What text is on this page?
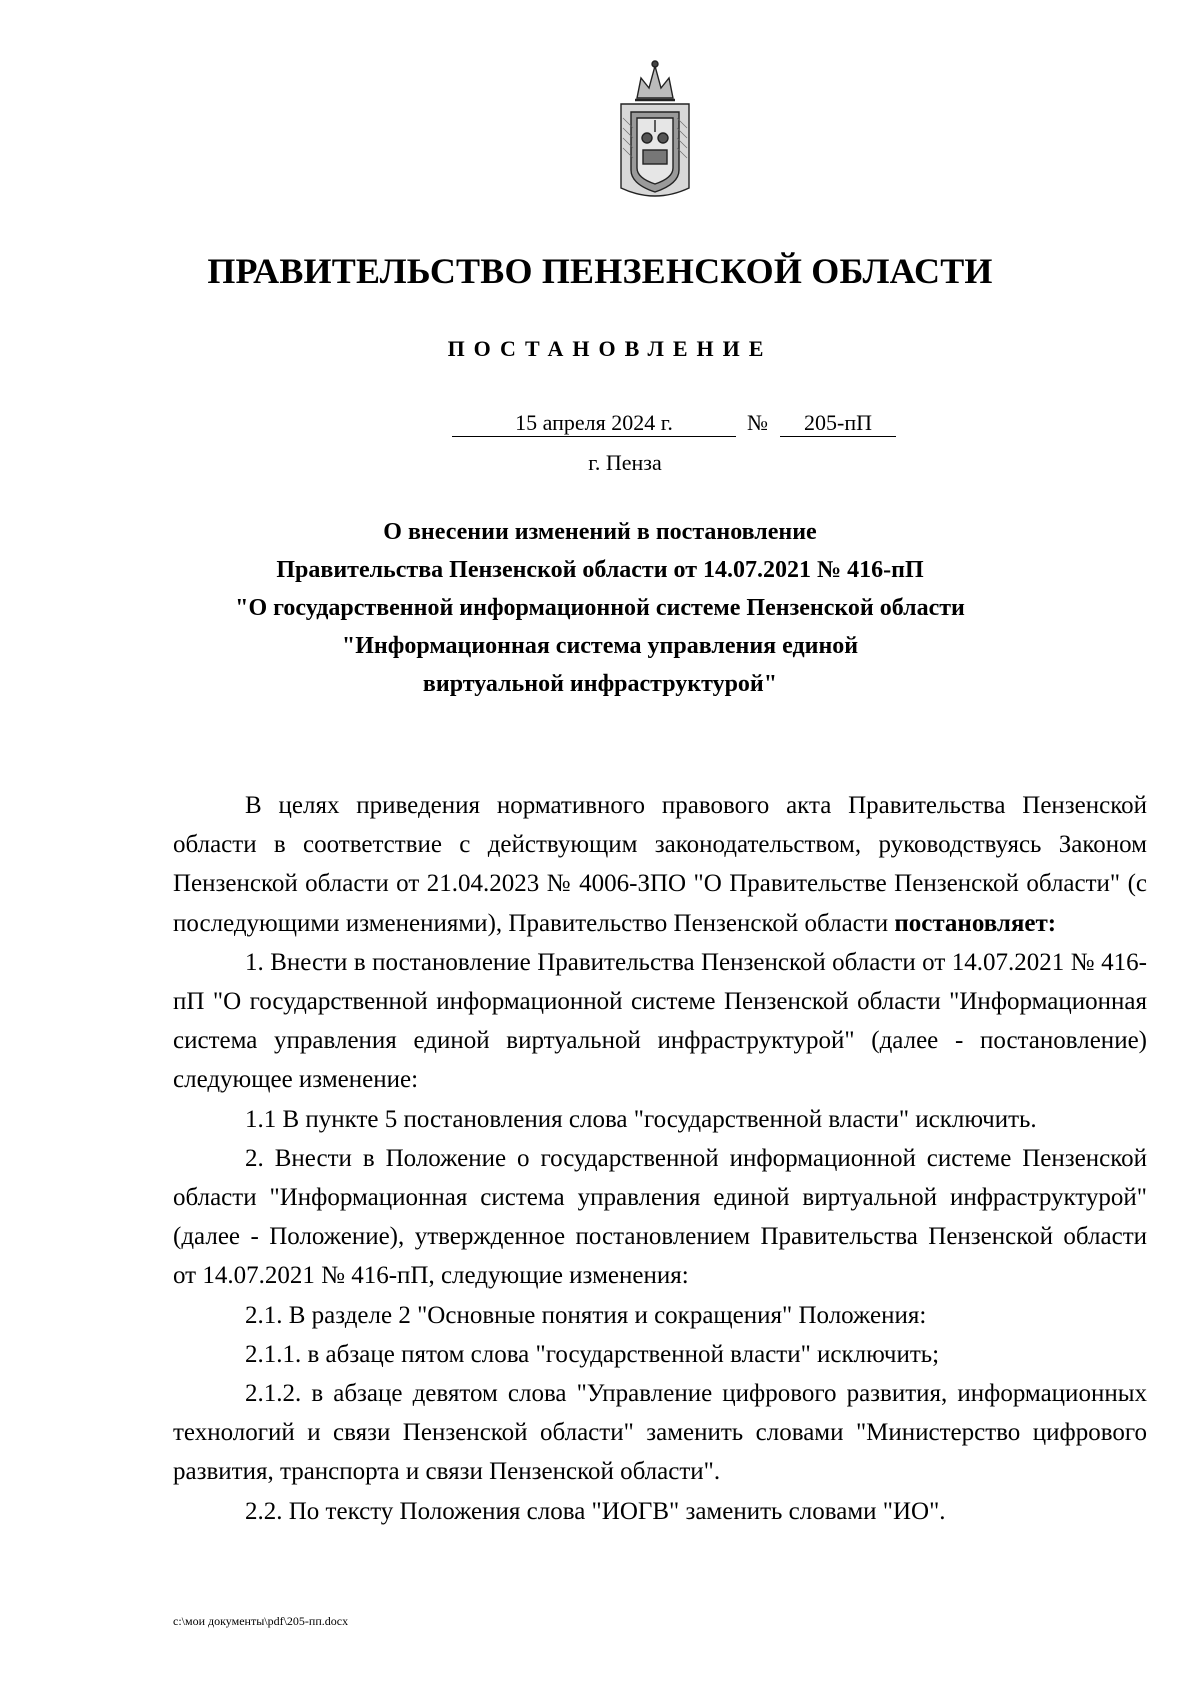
ПРАВИТЕЛЬСТВО ПЕНЗЕНСКОЙ ОБЛАСТИ
ПОСТАНОВЛЕНИЕ
15 апреля 2024 г.	№	205-пП
г. Пенза
О внесении изменений в постановление
Правительства Пензенской области от 14.07.2021 № 416-пП
"О государственной информационной системе Пензенской области
"Информационная система управления единой
виртуальной инфраструктурой"

В целях приведения нормативного правового акта Правительства Пензенской области в соответствие с действующим законодательством, руководствуясь Законом Пензенской области от 21.04.2023 № 4006-ЗПО "О Правительстве Пензенской области" (с последующими изменениями), Правительство Пензенской области постановляет:

1. Внести в постановление Правительства Пензенской области от 14.07.2021 № 416-пП "О государственной информационной системе Пензенской области "Информационная система управления единой виртуальной инфраструктурой" (далее - постановление) следующее изменение:

1.1 В пункте 5 постановления слова "государственной власти" исключить.

2. Внести в Положение о государственной информационной системе Пензенской области "Информационная система управления единой виртуальной инфраструктурой" (далее - Положение), утвержденное постановлением Правительства Пензенской области от 14.07.2021 № 416-пП, следующие изменения:

2.1. В разделе 2 "Основные понятия и сокращения" Положения:

2.1.1. в абзаце пятом слова "государственной власти" исключить;

2.1.2. в абзаце девятом слова "Управление цифрового развития, информационных технологий и связи Пензенской области" заменить словами "Министерство цифрового развития, транспорта и связи Пензенской области".

2.2. По тексту Положения слова "ИОГВ" заменить словами "ИО".

c:\мои документы\pdf\205-пп.docx
